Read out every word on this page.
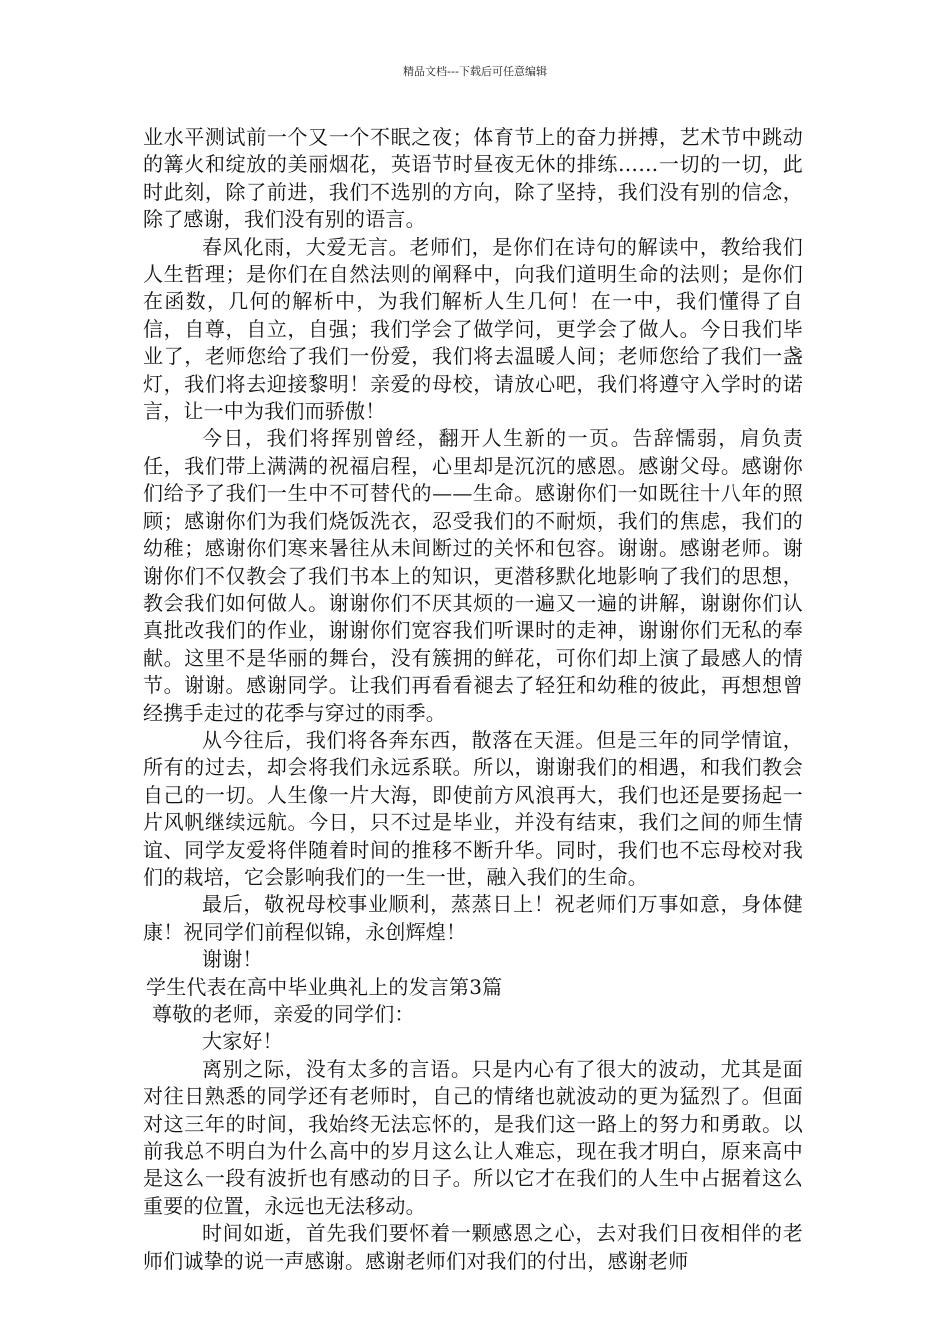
精品文档---下载后可任意编辑

业水平测试前一个又一个不眠之夜；体育节上的奋力拼搏，艺术节中跳动的篝火和绽放的美丽烟花，英语节时昼夜无休的排练……一切的一切，此时此刻，除了前进，我们不选别的方向，除了坚持，我们没有别的信念，除了感谢，我们没有别的语言。

春风化雨，大爱无言。老师们，是你们在诗句的解读中，教给我们人生哲理；是你们在自然法则的阐释中，向我们道明生命的法则；是你们在函数，几何的解析中，为我们解析人生几何！在一中，我们懂得了自信，自尊，自立，自强；我们学会了做学问，更学会了做人。今日我们毕业了，老师您给了我们一份爱，我们将去温暖人间；老师您给了我们一盏灯，我们将去迎接黎明！亲爱的母校，请放心吧，我们将遵守入学时的诺言，让一中为我们而骄傲！

今日，我们将挥别曾经，翻开人生新的一页。告辞懦弱，肩负责任，我们带上满满的祝福启程，心里却是沉沉的感恩。感谢父母。感谢你们给予了我们一生中不可替代的——生命。感谢你们一如既往十八年的照顾；感谢你们为我们烧饭洗衣，忍受我们的不耐烦，我们的焦虑，我们的幼稚；感谢你们寒来暑往从未间断过的关怀和包容。谢谢。感谢老师。谢谢你们不仅教会了我们书本上的知识，更潜移默化地影响了我们的思想，教会我们如何做人。谢谢你们不厌其烦的一遍又一遍的讲解，谢谢你们认真批改我们的作业，谢谢你们宽容我们听课时的走神，谢谢你们无私的奉献。这里不是华丽的舞台，没有簇拥的鲜花，可你们却上演了最感人的情节。谢谢。感谢同学。让我们再看看褪去了轻狂和幼稚的彼此，再想想曾经携手走过的花季与穿过的雨季。

从今往后，我们将各奔东西，散落在天涯。但是三年的同学情谊，所有的过去，却会将我们永远系联。所以，谢谢我们的相遇，和我们教会自己的一切。人生像一片大海，即使前方风浪再大，我们也还是要扬起一片风帆继续远航。今日，只不过是毕业，并没有结束，我们之间的师生情谊、同学友爱将伴随着时间的推移不断升华。同时，我们也不忘母校对我们的栽培，它会影响我们的一生一世，融入我们的生命。

最后，敬祝母校事业顺利，蒸蒸日上！祝老师们万事如意，身体健康！祝同学们前程似锦，永创辉煌！

谢谢！

学生代表在高中毕业典礼上的发言第3篇

尊敬的老师，亲爱的同学们：

大家好！

离别之际，没有太多的言语。只是内心有了很大的波动，尤其是面对往日熟悉的同学还有老师时，自己的情绪也就波动的更为猛烈了。但面对这三年的时间，我始终无法忘怀的，是我们这一路上的努力和勇敢。以前我总不明白为什么高中的岁月这么让人难忘，现在我才明白，原来高中是这么一段有波折也有感动的日子。所以它才在我们的人生中占据着这么重要的位置，永远也无法移动。

时间如逝，首先我们要怀着一颗感恩之心，去对我们日夜相伴的老师们诚挚的说一声感谢。感谢老师们对我们的付出，感谢老师
